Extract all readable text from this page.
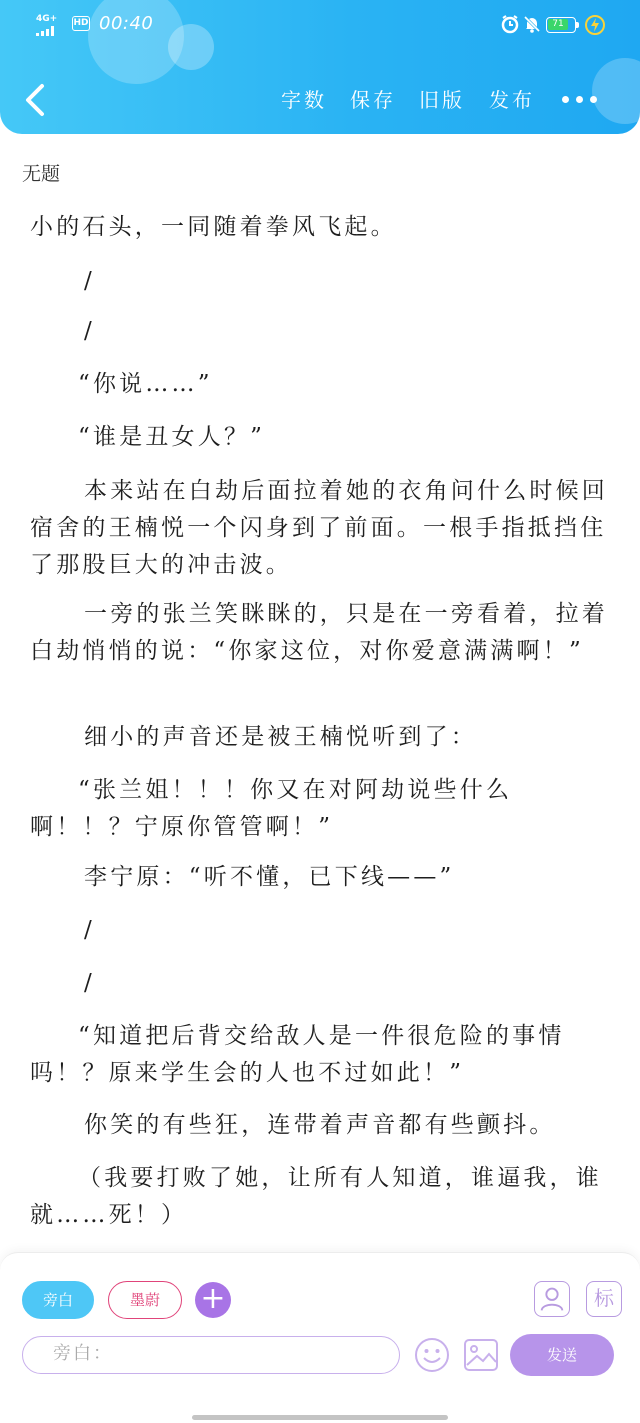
4G+ HD 00:40	71
字数 保存 旧版 发布
无题
小的石头，一同随着拳风飞起。
/
/
“你说……”
“谁是丑女人？”
本来站在白劫后面拉着她的衣角问什么时候回宿舍的王楠悦一个闪身到了前面。一根手指抵挡住了那股巨大的冲击波。
一旁的张兰笑眯眯的，只是在一旁看着，拉着白劫悄悄的说：“你家这位，对你爱意满满啊！”
细小的声音还是被王楠悦听到了：
“张兰姐！！！你又在对阿劫说些什么啊！！？宁原你管管啊！”
李宁原：“听不懂，已下线——”
/
/
“知道把后背交给敌人是一件很危险的事情吗！？原来学生会的人也不过如此！”
你笑的有些狂，连带着声音都有些颤抖。
（我要打败了她，让所有人知道，谁逼我，谁就……死！）
旁白	墨蔚	+	标
旁白：	发送
